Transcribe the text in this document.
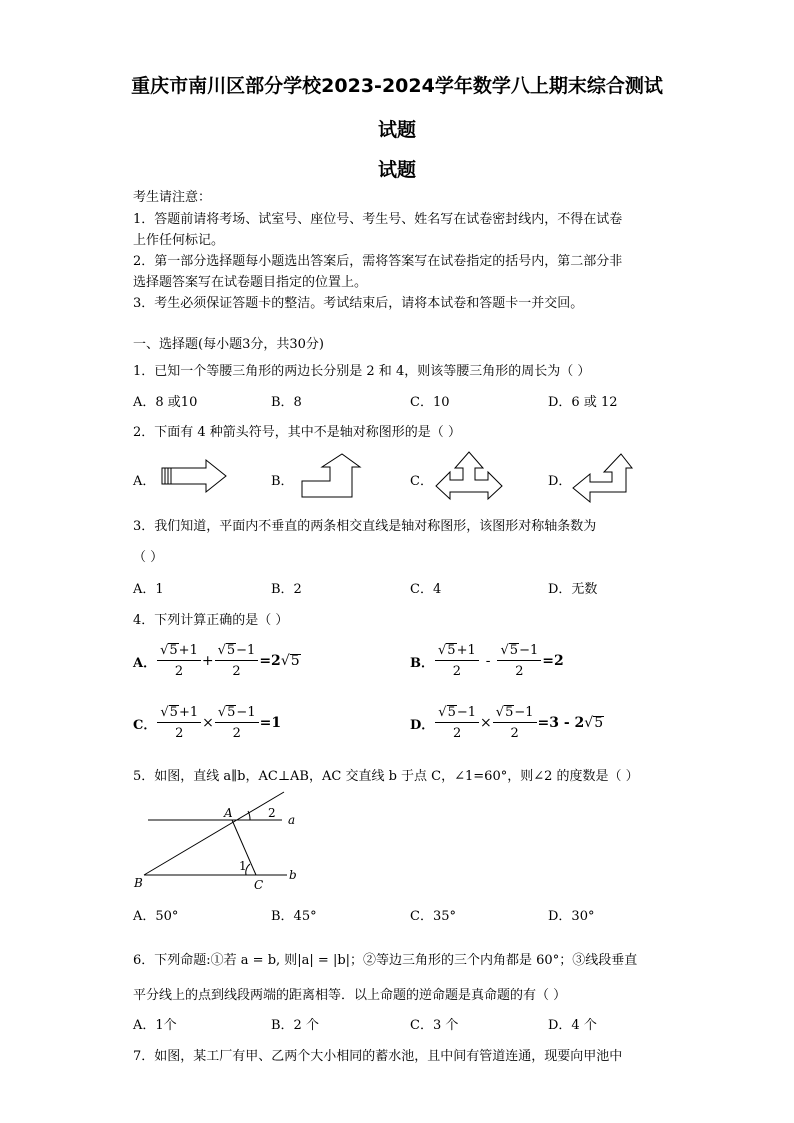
重庆市南川区部分学校2023-2024学年数学八上期末综合测试
试题
试题
考生请注意：
1．答题前请将考场、试室号、座位号、考生号、姓名写在试卷密封线内，不得在试卷
上作任何标记。
2．第一部分选择题每小题选出答案后，需将答案写在试卷指定的括号内，第二部分非
选择题答案写在试卷题目指定的位置上。
3．考生必须保证答题卡的整洁。考试结束后，请将本试卷和答题卡一并交回。
一、选择题(每小题3分，共30分)
1．已知一个等腰三角形的两边长分别是 2 和 4，则该等腰三角形的周长为（ ）
A．8 或10	B．8	C．10	D．6 或 12
2．下面有 4 种箭头符号，其中不是轴对称图形的是（ ）
A．	B．	C．	D．
3．我们知道，平面内不垂直的两条相交直线是轴对称图形，该图形对称轴条数为
（ ）
A．1	B．2	C．4	D．无数
4．下列计算正确的是（ ）
A． $\frac{√5+1}{2} + \frac{√5-1}{2} =2$ √5	B． $\frac{√5+1}{2} - \frac{√5-1}{2} =2$
C． $\frac{√5+1}{2} \times \frac{√5-1}{2} =1$	D． $\frac{√5-1}{2} \times \frac{√5-1}{2} =3 - 2$ √5
5．如图，直线 a∥b，AC⊥AB，AC 交直线 b 于点 C，∠1=60°，则∠2 的度数是（ ）
A
B	C
a
b
1
2
A．50°	B．45°	C．35°	D．30°
6．下列命题:①若 a = b, 则|a| = |b|；②等边三角形的三个内角都是 60°；③线段垂直
平分线上的点到线段两端的距离相等．以上命题的逆命题是真命题的有（ ）
A．1个	B．2 个	C．3 个	D．4 个
7．如图，某工厂有甲、乙两个大小相同的蓄水池，且中间有管道连通，现要向甲池中
